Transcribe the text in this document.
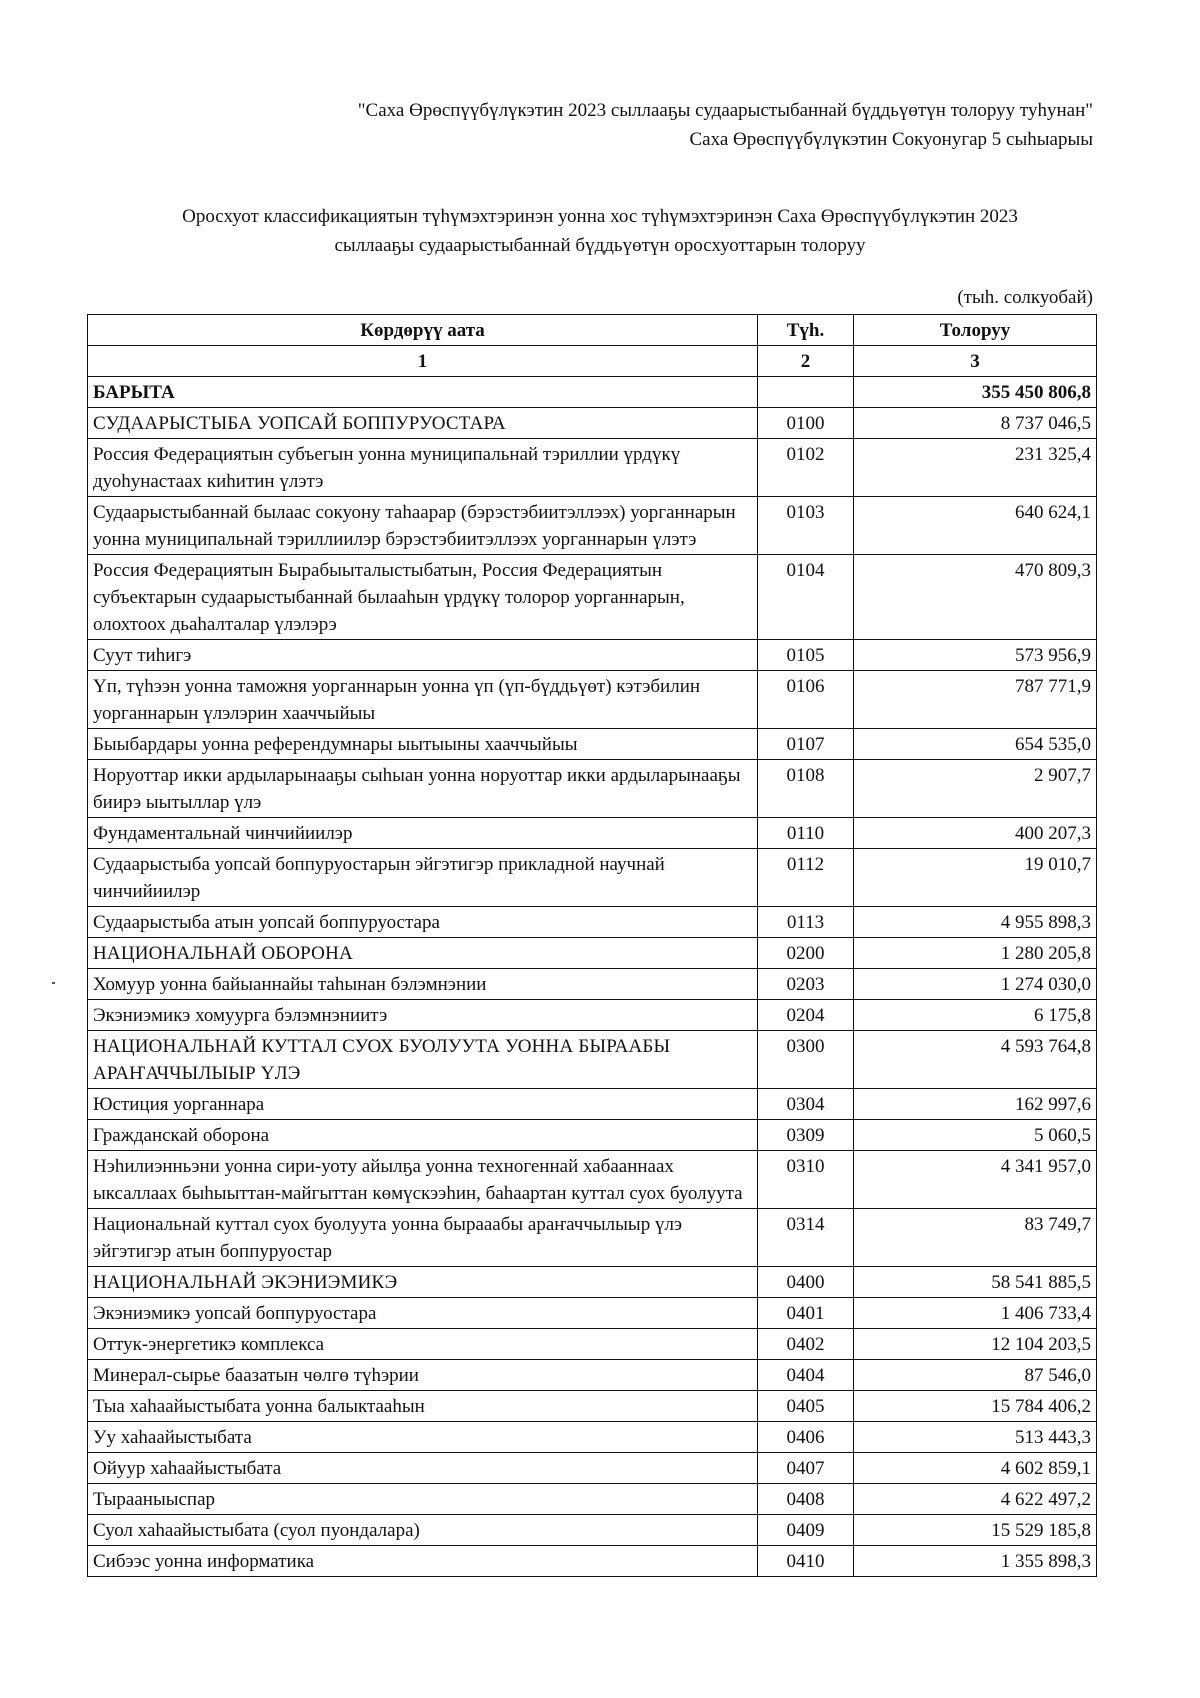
"Саха Өрөспүүбүлүкэтин 2023 сыллааҕы судаарыстыбаннай бүддьүөтүн толоруу туһунан"
Саха Өрөспүүбүлүкэтин Сокуонугар 5 сыһыарыы
Оросхуот классификациятын түһүмэхтэринэн уонна хос түһүмэхтэринэн Саха Өрөспүүбүлүкэтин 2023
сыллааҕы судаарыстыбаннай бүддьүөтүн оросхуоттарын толоруу
(тыһ. солкуобай)
Көрдөрүү аата	Түһ.	Толоруу
1	2	3
БАРЫТА		355 450 806,8
СУДААРЫСТЫБА УОПСАЙ БОППУРУОСТАРА	0100	8 737 046,5
Россия Федерациятын субъегын уонна муниципальнай тэриллии үрдүкү дуоһунастаах киһитин үлэтэ	0102	231 325,4
Судаарыстыбаннай былаас сокуону таһаарар (бэрэстэбиитэллээх) уорганнарын уонна муниципальнай тэриллиилэр бэрэстэбиитэллээх уорганнарын үлэтэ	0103	640 624,1
Россия Федерациятын Бырабыыталыстыбатын, Россия Федерациятын субъектарын судаарыстыбаннай былааһын үрдүкү толорор уорганнарын, олохтоох дьаһалталар үлэлэрэ	0104	470 809,3
Суут тиһигэ	0105	573 956,9
Үп, түһээн уонна таможня уорганнарын уонна үп (үп-бүддьүөт) кэтэбилин уорганнарын үлэлэрин хааччыйыы	0106	787 771,9
Быыбардары уонна референдумнары ыытыыны хааччыйыы	0107	654 535,0
Норуоттар икки ардыларынааҕы сыһыан уонна норуоттар икки ардыларынааҕы биирэ ыытыллар үлэ	0108	2 907,7
Фундаментальнай чинчийиилэр	0110	400 207,3
Судаарыстыба уопсай боппуруостарын эйгэтигэр прикладной научнай чинчийиилэр	0112	19 010,7
Судаарыстыба атын уопсай боппуруостара	0113	4 955 898,3
НАЦИОНАЛЬНАЙ ОБОРОНА	0200	1 280 205,8
Хомуур уонна байыаннайы таһынан бэлэмнэнии	0203	1 274 030,0
Экэниэмикэ хомуурга бэлэмнэниитэ	0204	6 175,8
НАЦИОНАЛЬНАЙ КУТТАЛ СУОХ БУОЛУУТА УОННА БЫРААБЫ АРАҤАЧЧЫЛЫЫР ҮЛЭ	0300	4 593 764,8
Юстиция уорганнара	0304	162 997,6
Гражданскай оборона	0309	5 060,5
Нэһилиэнньэни уонна сири-уоту айылҕа уонна техногеннай хабааннаах ыксаллаах быһыыттан-майгыттан көмүскээһин, баһаартан куттал суох буолуута	0310	4 341 957,0
Национальнай куттал суох буолуута уонна бырааабы араҥаччылыыр үлэ эйгэтигэр атын боппуруостар	0314	83 749,7
НАЦИОНАЛЬНАЙ ЭКЭНИЭМИКЭ	0400	58 541 885,5
Экэниэмикэ уопсай боппуруостара	0401	1 406 733,4
Оттук-энергетикэ комплекса	0402	12 104 203,5
Минерал-сырье баазатын чөлгө түһэрии	0404	87 546,0
Тыа хаһаайыстыбата уонна балыктааһын	0405	15 784 406,2
Уу хаһаайыстыбата	0406	513 443,3
Ойуур хаһаайыстыбата	0407	4 602 859,1
Тырааныыспар	0408	4 622 497,2
Суол хаһаайыстыбата (суол пуондалара)	0409	15 529 185,8
Сибээс уонна информатика	0410	1 355 898,3
